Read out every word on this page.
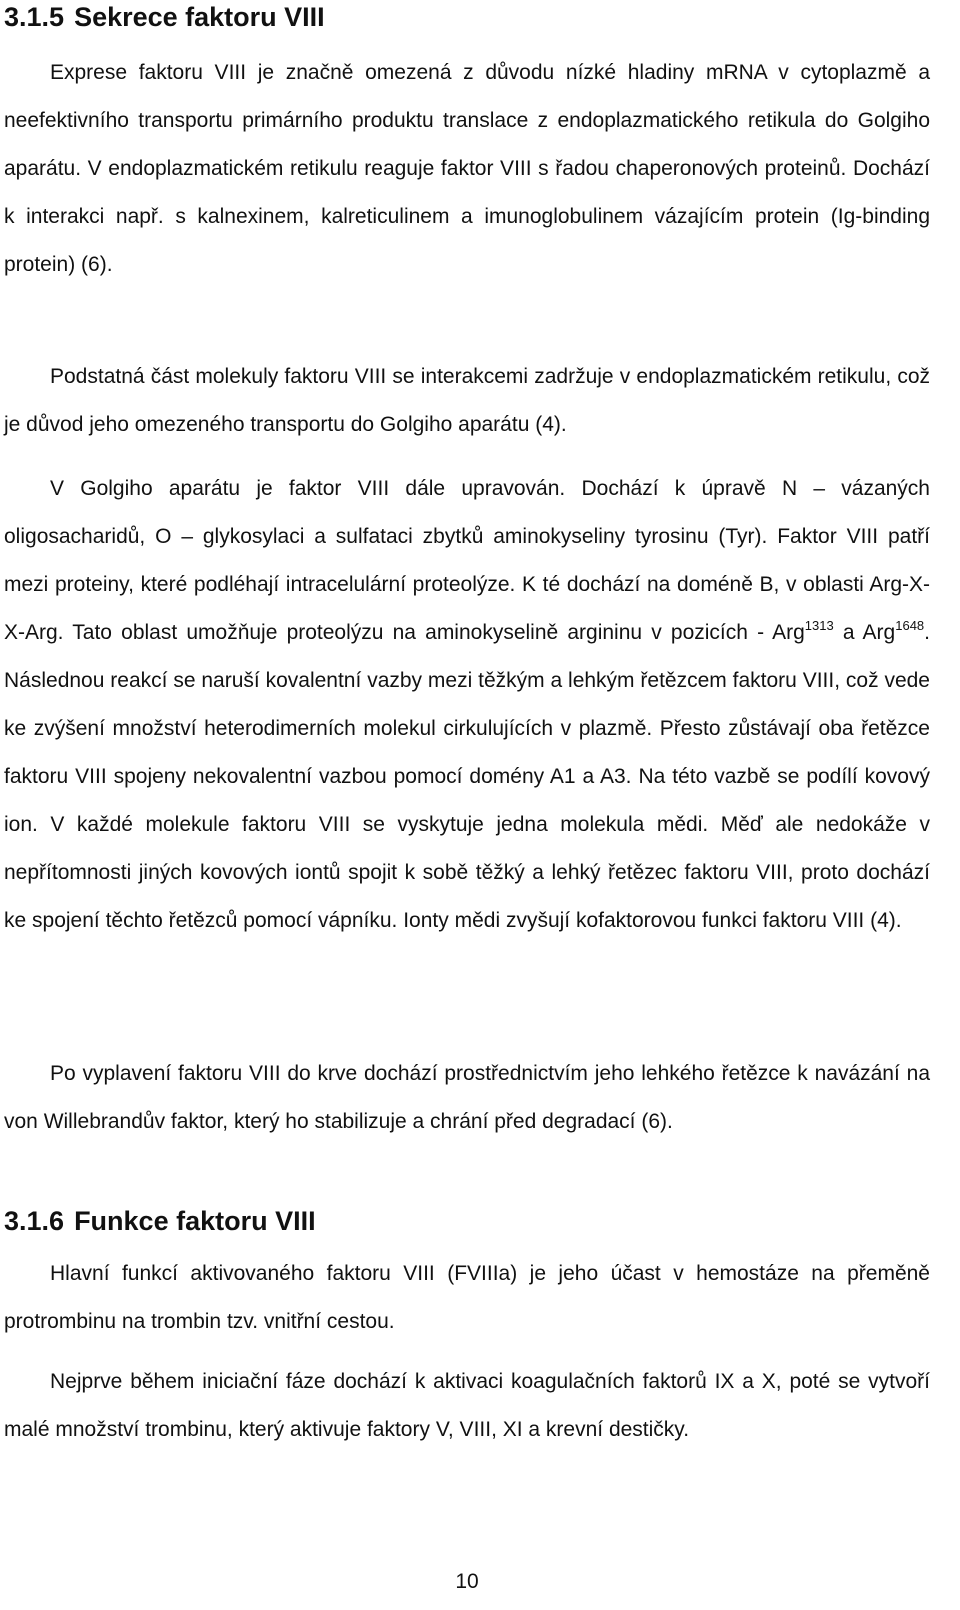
3.1.5 Sekrece faktoru VIII

Exprese faktoru VIII je značně omezená z důvodu nízké hladiny mRNA v cytoplazmě a neefektivního transportu primárního produktu translace z endoplazmatického retikula do Golgiho aparátu. V endoplazmatickém retikulu reaguje faktor VIII s řadou chaperonových proteinů. Dochází k interakci např. s kalnexinem, kalreticulinem a imunoglobulinem vázajícím protein (Ig-binding protein) (6).

Podstatná část molekuly faktoru VIII se interakcemi zadržuje v endoplazmatickém retikulu, což je důvod jeho omezeného transportu do Golgiho aparátu (4).

V Golgiho aparátu je faktor VIII dále upravován. Dochází k úpravě N – vázaných oligosacharidů, O – glykosylaci a sulfataci zbytků aminokyseliny tyrosinu (Tyr). Faktor VIII patří mezi proteiny, které podléhají intracelulární proteolýze. K té dochází na doméně B, v oblasti Arg-X-X-Arg. Tato oblast umožňuje proteolýzu na aminokyselině argininu v pozicích - Arg$^{1313}$ a Arg$^{1648}$. Následnou reakcí se naruší kovalentní vazby mezi těžkým a lehkým řetězcem faktoru VIII, což vede ke zvýšení množství heterodimerních molekul cirkulujících v plazmě. Přesto zůstávají oba řetězce faktoru VIII spojeny nekovalentní vazbou pomocí domény A1 a A3. Na této vazbě se podílí kovový ion. V každé molekule faktoru VIII se vyskytuje jedna molekula mědi. Měď ale nedokáže v nepřítomnosti jiných kovových iontů spojit k sobě těžký a lehký řetězec faktoru VIII, proto dochází ke spojení těchto řetězců pomocí vápníku. Ionty mědi zvyšují kofaktorovou funkci faktoru VIII (4).

Po vyplavení faktoru VIII do krve dochází prostřednictvím jeho lehkého řetězce k navázání na von Willebrandův faktor, který ho stabilizuje a chrání před degradací (6).

3.1.6 Funkce faktoru VIII

Hlavní funkcí aktivovaného faktoru VIII (FVIIIa) je jeho účast v hemostáze na přeměně protrombinu na trombin tzv. vnitřní cestou.

Nejprve během iniciační fáze dochází k aktivaci koagulačních faktorů IX a X, poté se vytvoří malé množství trombinu, který aktivuje faktory V, VIII, XI a krevní destičky.

10
